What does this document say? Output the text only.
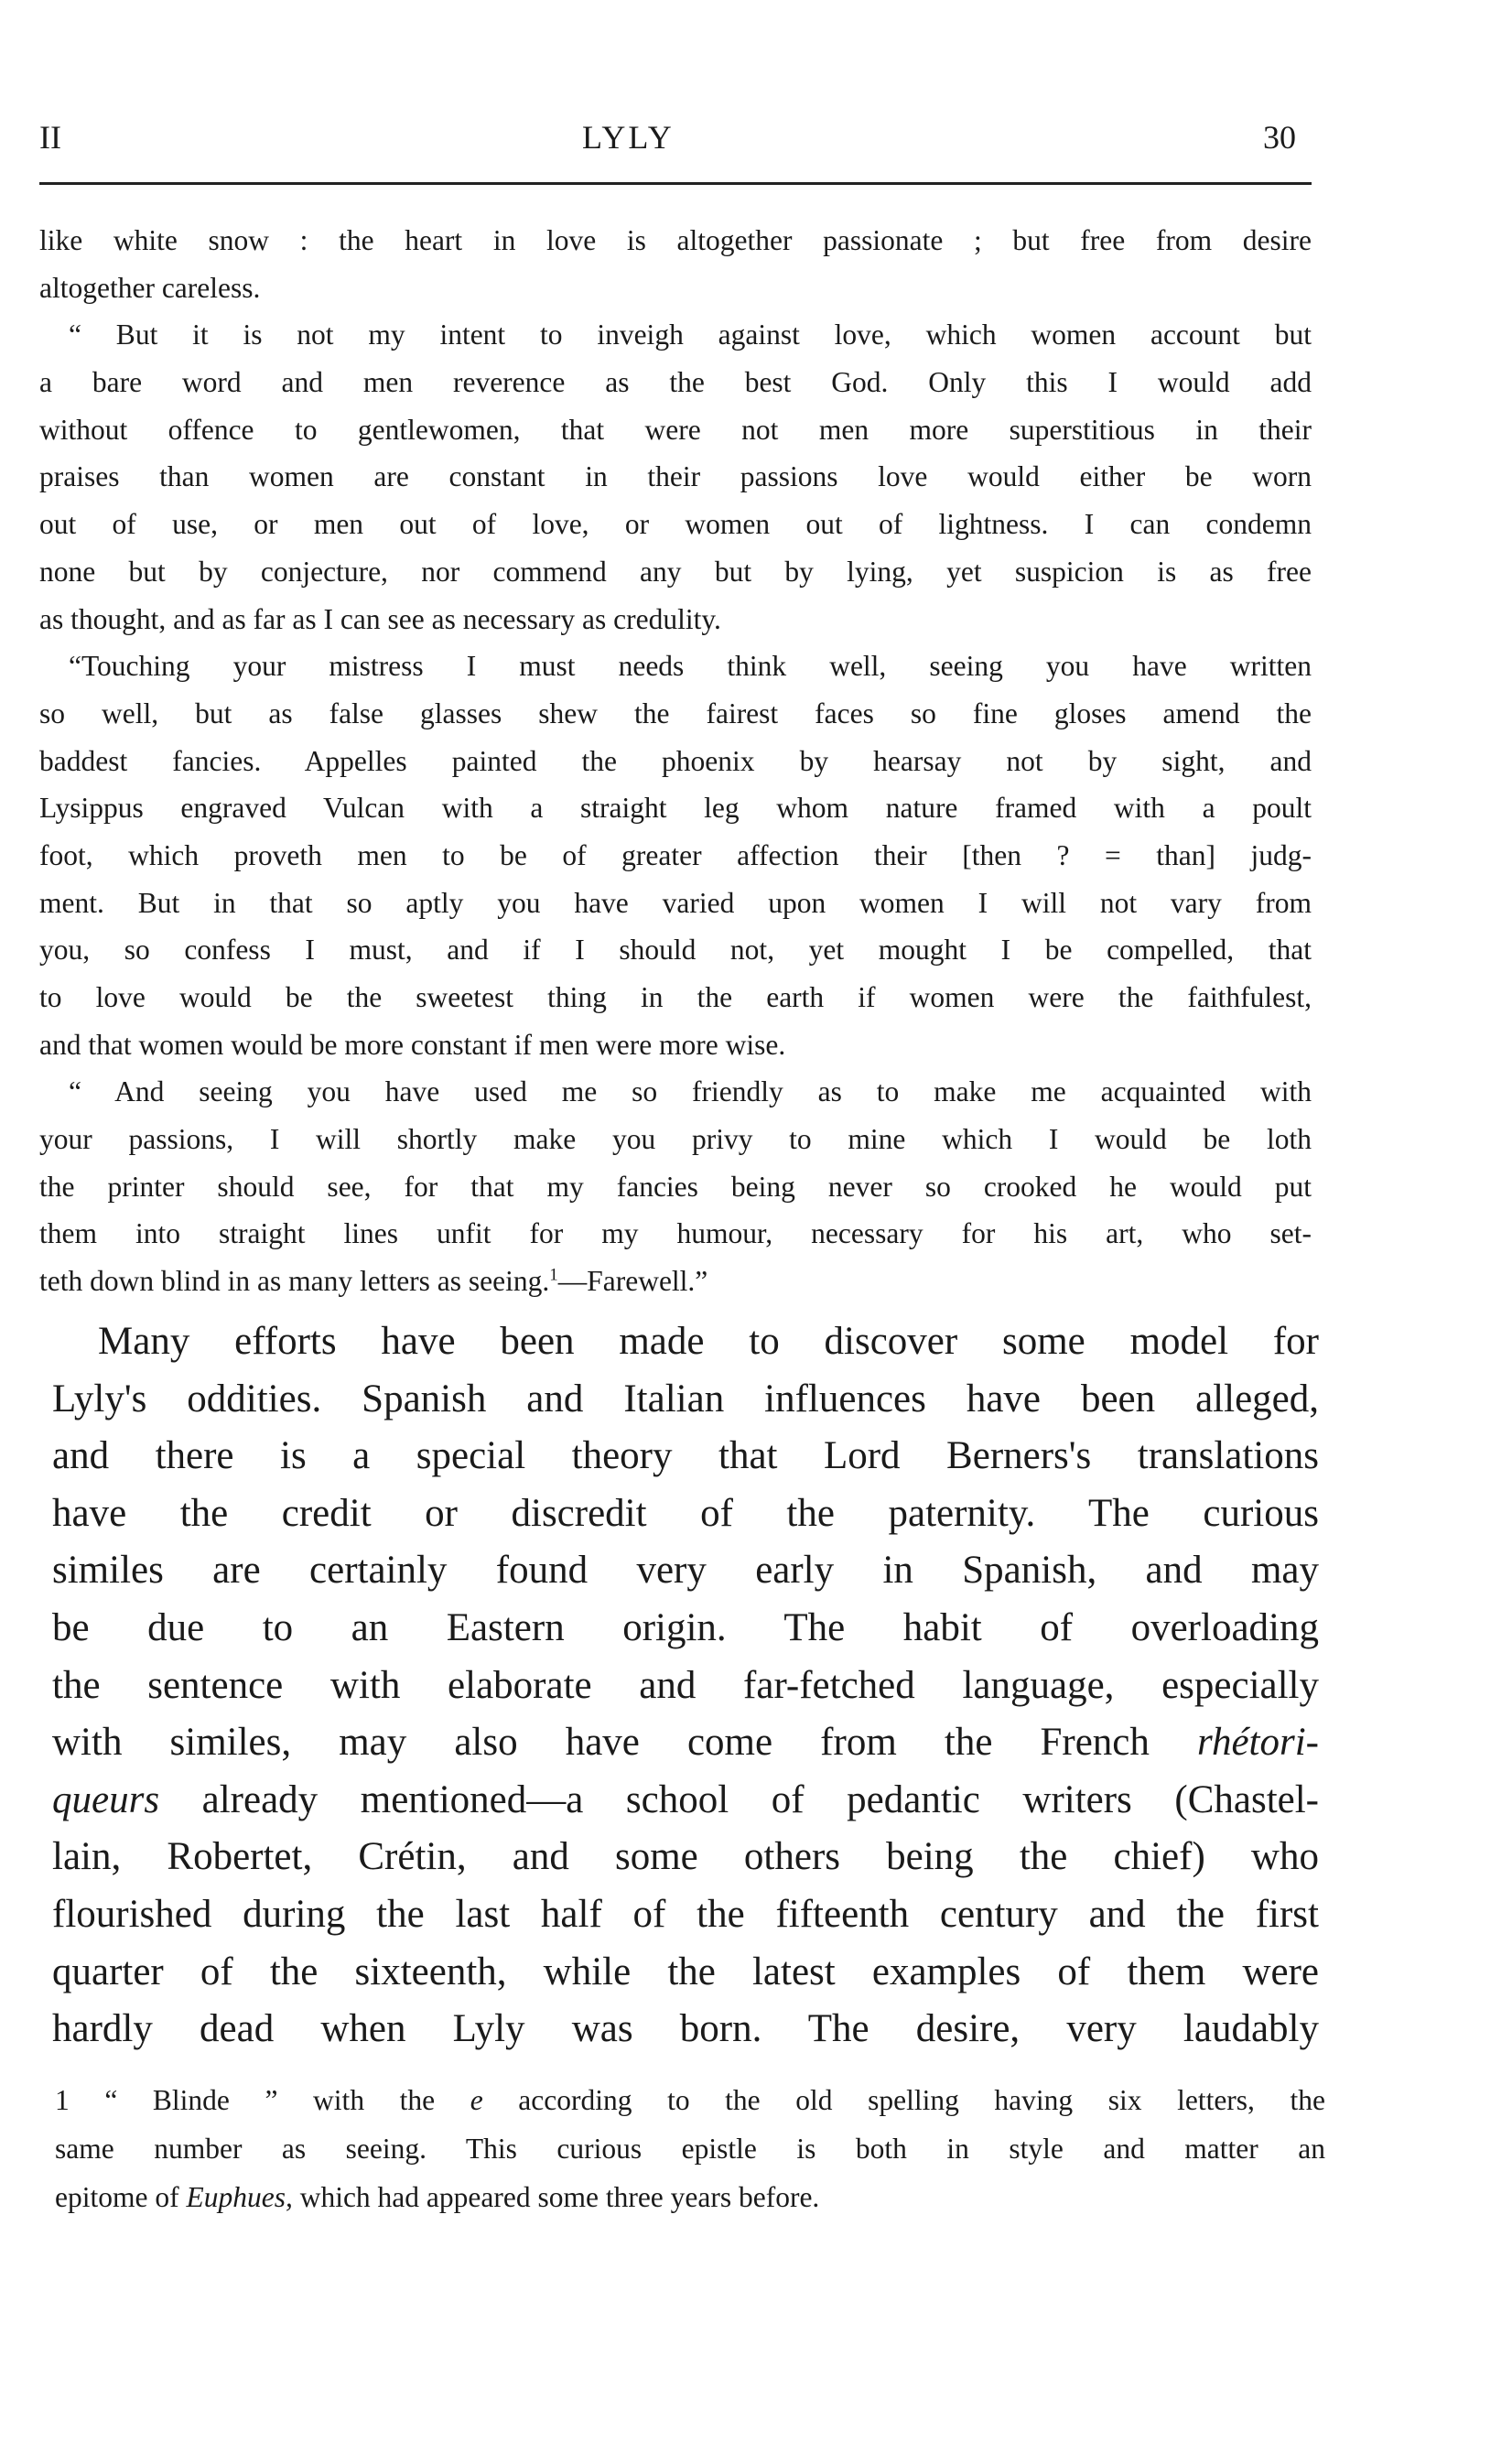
II	LYLY	30
like white snow : the heart in love is altogether passionate ; but free from desire
altogether careless.
“ But it is not my intent to inveigh against love, which women account but
a bare word and men reverence as the best God. Only this I would add
without offence to gentlewomen, that were not men more superstitious in their
praises than women are constant in their passions love would either be worn
out of use, or men out of love, or women out of lightness. I can condemn
none but by conjecture, nor commend any but by lying, yet suspicion is as free
as thought, and as far as I can see as necessary as credulity.
“Touching your mistress I must needs think well, seeing you have written
so well, but as false glasses shew the fairest faces so fine gloses amend the
baddest fancies. Appelles painted the phoenix by hearsay not by sight, and
Lysippus engraved Vulcan with a straight leg whom nature framed with a poult
foot, which proveth men to be of greater affection their [then ? = than] judg-
ment. But in that so aptly you have varied upon women I will not vary from
you, so confess I must, and if I should not, yet mought I be compelled, that
to love would be the sweetest thing in the earth if women were the faithfulest,
and that women would be more constant if men were more wise.
“ And seeing you have used me so friendly as to make me acquainted with
your passions, I will shortly make you privy to mine which I would be loth
the printer should see, for that my fancies being never so crooked he would put
them into straight lines unfit for my humour, necessary for his art, who set-
teth down blind in as many letters as seeing.$^1$—Farewell.”
Many efforts have been made to discover some model for
Lyly's oddities. Spanish and Italian influences have been alleged,
and there is a special theory that Lord Berners's translations
have the credit or discredit of the paternity. The curious
similes are certainly found very early in Spanish, and may
be due to an Eastern origin. The habit of overloading
the sentence with elaborate and far-fetched language, especially
with similes, may also have come from the French rhétori-
queurs already mentioned—a school of pedantic writers (Chastel-
lain, Robertet, Crétin, and some others being the chief) who
flourished during the last half of the fifteenth century and the first
quarter of the sixteenth, while the latest examples of them were
hardly dead when Lyly was born. The desire, very laudably
1 “ Blinde ” with the e according to the old spelling having six letters, the
same number as seeing. This curious epistle is both in style and matter an
epitome of Euphues, which had appeared some three years before.
